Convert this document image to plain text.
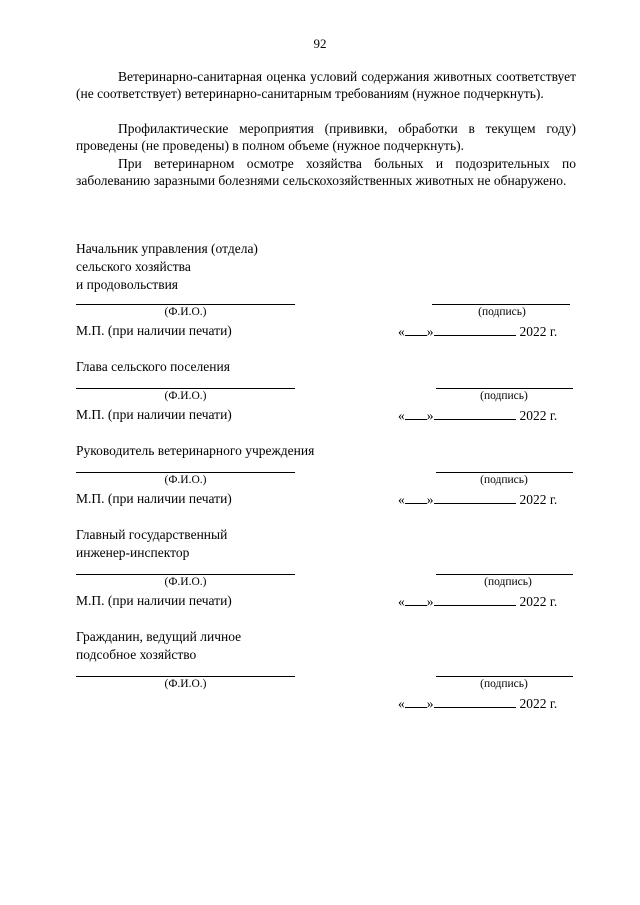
92

Ветеринарно-санитарная оценка условий содержания животных соответствует (не соответствует) ветеринарно-санитарным требованиям (нужное подчеркнуть).

Профилактические мероприятия (прививки, обработки в текущем году) проведены (не проведены) в полном объеме (нужное подчеркнуть).

При ветеринарном осмотре хозяйства больных и подозрительных по заболеванию заразными болезнями сельскохозяйственных животных не обнаружено.

Начальник управления (отдела)
сельского хозяйства
и продовольствия
(Ф.И.О.)	(подпись)
М.П. (при наличии печати)	« »	2022 г.
Глава сельского поселения
(Ф.И.О.)	(подпись)
М.П. (при наличии печати)	« »	2022 г.
Руководитель ветеринарного учреждения
(Ф.И.О.)	(подпись)
М.П. (при наличии печати)	« »	2022 г.
Главный государственный
инженер-инспектор
(Ф.И.О.)	(подпись)
М.П. (при наличии печати)	« »	2022 г.
Гражданин, ведущий личное
подсобное хозяйство
(Ф.И.О.)	(подпись)
« »	2022 г.
